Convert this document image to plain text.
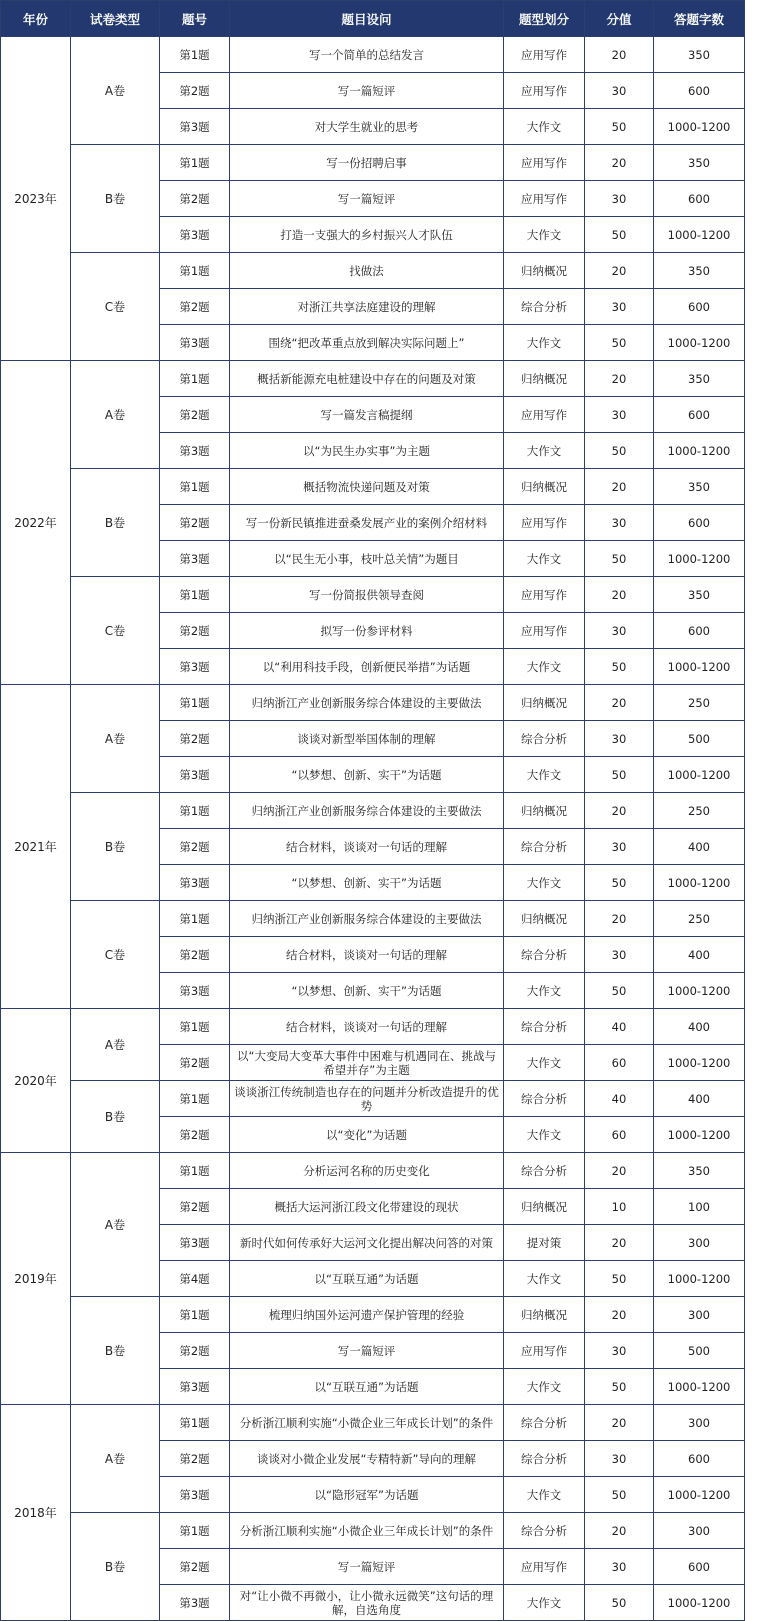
年份	试卷类型	题号	题目设问	题型划分	分值	答题字数
2023年	A卷	第1题	写一个简单的总结发言	应用写作	20	350
		第2题	写一篇短评	应用写作	30	600
		第3题	对大学生就业的思考	大作文	50	1000-1200
	B卷	第1题	写一份招聘启事	应用写作	20	350
		第2题	写一篇短评	应用写作	30	600
		第3题	打造一支强大的乡村振兴人才队伍	大作文	50	1000-1200
	C卷	第1题	找做法	归纳概况	20	350
		第2题	对浙江共享法庭建设的理解	综合分析	30	600
		第3题	围绕“把改革重点放到解决实际问题上”	大作文	50	1000-1200
2022年	A卷	第1题	概括新能源充电桩建设中存在的问题及对策	归纳概况	20	350
		第2题	写一篇发言稿提纲	应用写作	30	600
		第3题	以“为民生办实事”为主题	大作文	50	1000-1200
	B卷	第1题	概括物流快递问题及对策	归纳概况	20	350
		第2题	写一份新民镇推进蚕桑发展产业的案例介绍材料	应用写作	30	600
		第3题	以“民生无小事，枝叶总关情”为题目	大作文	50	1000-1200
	C卷	第1题	写一份简报供领导查阅	应用写作	20	350
		第2题	拟写一份参评材料	应用写作	30	600
		第3题	以“利用科技手段，创新便民举措”为话题	大作文	50	1000-1200
2021年	A卷	第1题	归纳浙江产业创新服务综合体建设的主要做法	归纳概况	20	250
		第2题	谈谈对新型举国体制的理解	综合分析	30	500
		第3题	“以梦想、创新、实干”为话题	大作文	50	1000-1200
	B卷	第1题	归纳浙江产业创新服务综合体建设的主要做法	归纳概况	20	250
		第2题	结合材料，谈谈对一句话的理解	综合分析	30	400
		第3题	“以梦想、创新、实干”为话题	大作文	50	1000-1200
	C卷	第1题	归纳浙江产业创新服务综合体建设的主要做法	归纳概况	20	250
		第2题	结合材料，谈谈对一句话的理解	综合分析	30	400
		第3题	“以梦想、创新、实干”为话题	大作文	50	1000-1200
2020年	A卷	第1题	结合材料，谈谈对一句话的理解	综合分析	40	400
		第2题	以“大变局大变革大事件中困难与机遇同在、挑战与希望并存”为主题	大作文	60	1000-1200
	B卷	第1题	谈谈浙江传统制造也存在的问题并分析改造提升的优势	综合分析	40	400
		第2题	以“变化”为话题	大作文	60	1000-1200
2019年	A卷	第1题	分析运河名称的历史变化	综合分析	20	350
		第2题	概括大运河浙江段文化带建设的现状	归纳概况	10	100
		第3题	新时代如何传承好大运河文化提出解决问答的对策	提对策	20	300
		第4题	以“互联互通”为话题	大作文	50	1000-1200
	B卷	第1题	梳理归纳国外运河遗产保护管理的经验	归纳概况	20	300
		第2题	写一篇短评	应用写作	30	500
		第3题	以“互联互通”为话题	大作文	50	1000-1200
2018年	A卷	第1题	分析浙江顺利实施“小微企业三年成长计划”的条件	综合分析	20	300
		第2题	谈谈对小微企业发展“专精特新”导向的理解	综合分析	30	600
		第3题	以“隐形冠军”为话题	大作文	50	1000-1200
	B卷	第1题	分析浙江顺利实施“小微企业三年成长计划”的条件	综合分析	20	300
		第2题	写一篇短评	应用写作	30	600
		第3题	对“让小微不再微小，让小微永远微笑”这句话的理解，自选角度	大作文	50	1000-1200
